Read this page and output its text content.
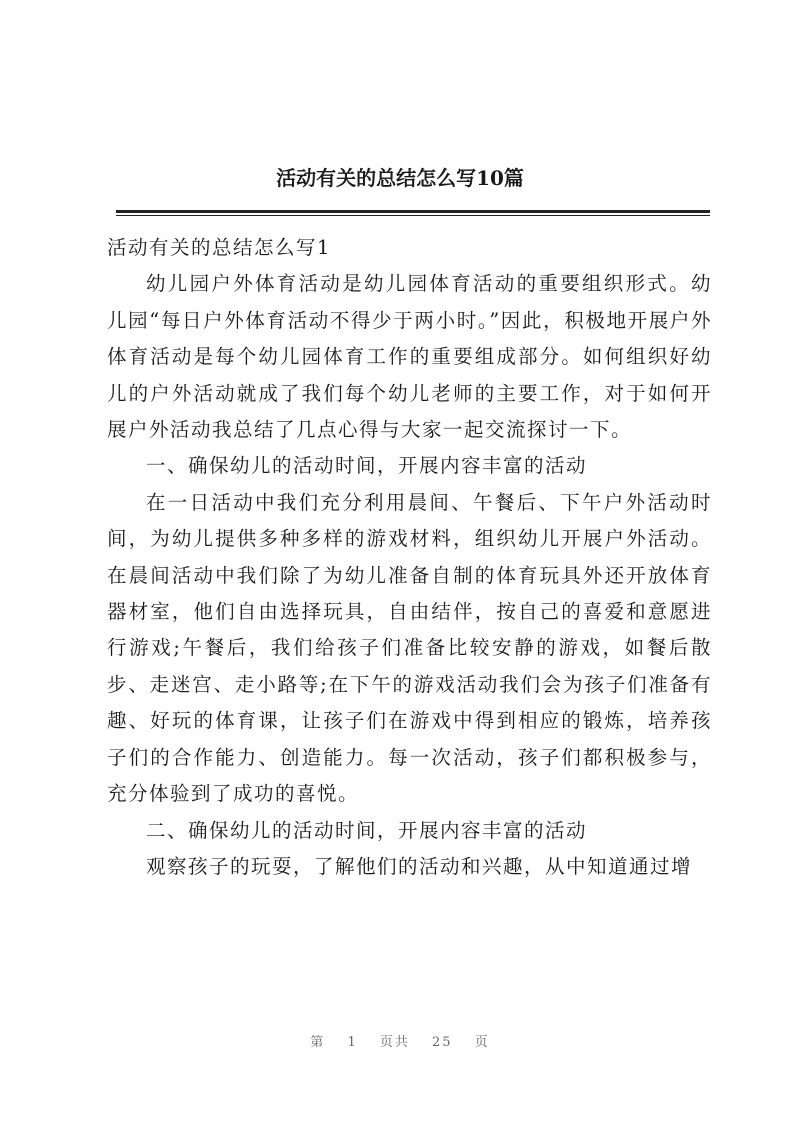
活动有关的总结怎么写10篇

活动有关的总结怎么写1

幼儿园户外体育活动是幼儿园体育活动的重要组织形式。幼儿园“每日户外体育活动不得少于两小时。”因此，积极地开展户外体育活动是每个幼儿园体育工作的重要组成部分。如何组织好幼儿的户外活动就成了我们每个幼儿老师的主要工作，对于如何开展户外活动我总结了几点心得与大家一起交流探讨一下。

一、确保幼儿的活动时间，开展内容丰富的活动

在一日活动中我们充分利用晨间、午餐后、下午户外活动时间，为幼儿提供多种多样的游戏材料，组织幼儿开展户外活动。在晨间活动中我们除了为幼儿准备自制的体育玩具外还开放体育器材室，他们自由选择玩具，自由结伴，按自己的喜爱和意愿进行游戏;午餐后，我们给孩子们准备比较安静的游戏，如餐后散步、走迷宫、走小路等;在下午的游戏活动我们会为孩子们准备有趣、好玩的体育课，让孩子们在游戏中得到相应的锻炼，培养孩子们的合作能力、创造能力。每一次活动，孩子们都积极参与，充分体验到了成功的喜悦。

二、确保幼儿的活动时间，开展内容丰富的活动

观察孩子的玩耍，了解他们的活动和兴趣，从中知道通过增

第 1 页共 25 页
